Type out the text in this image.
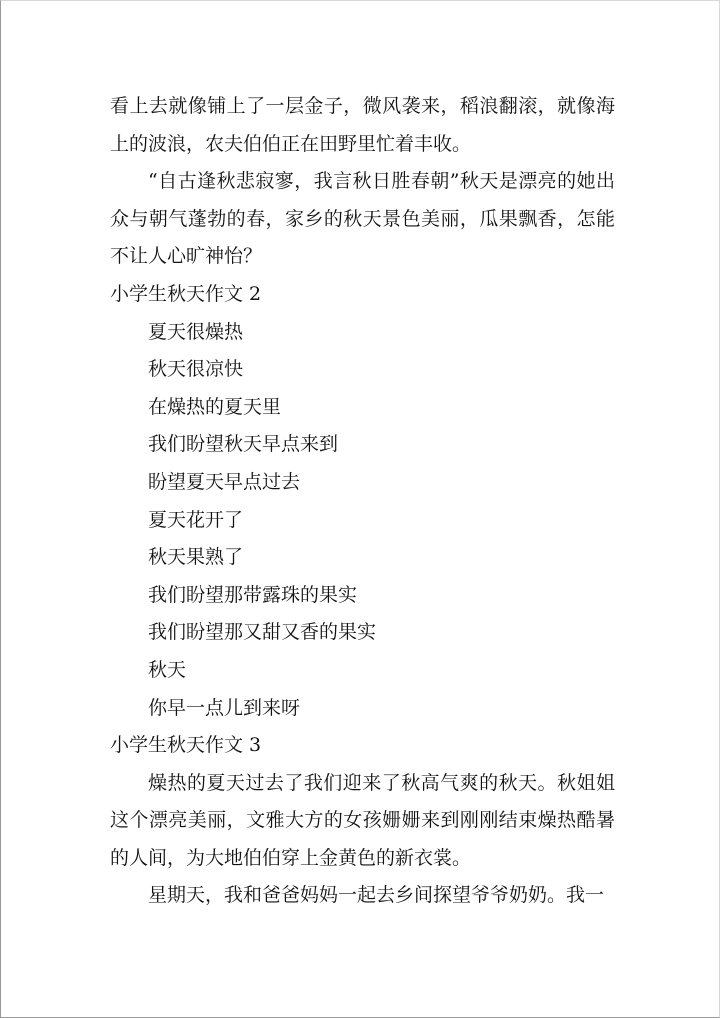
看上去就像铺上了一层金子，微风袭来，稻浪翻滚，就像海上的波浪，农夫伯伯正在田野里忙着丰收。

“自古逢秋悲寂寥，我言秋日胜春朝”秋天是漂亮的她出众与朝气蓬勃的春，家乡的秋天景色美丽，瓜果飘香，怎能不让人心旷神怡？

小学生秋天作文 2

夏天很燥热

秋天很凉快

在燥热的夏天里

我们盼望秋天早点来到

盼望夏天早点过去

夏天花开了

秋天果熟了

我们盼望那带露珠的果实

我们盼望那又甜又香的果实

秋天

你早一点儿到来呀

小学生秋天作文 3

燥热的夏天过去了我们迎来了秋高气爽的秋天。秋姐姐这个漂亮美丽，文雅大方的女孩姗姗来到刚刚结束燥热酷暑的人间，为大地伯伯穿上金黄色的新衣裳。

星期天，我和爸爸妈妈一起去乡间探望爷爷奶奶。我一
